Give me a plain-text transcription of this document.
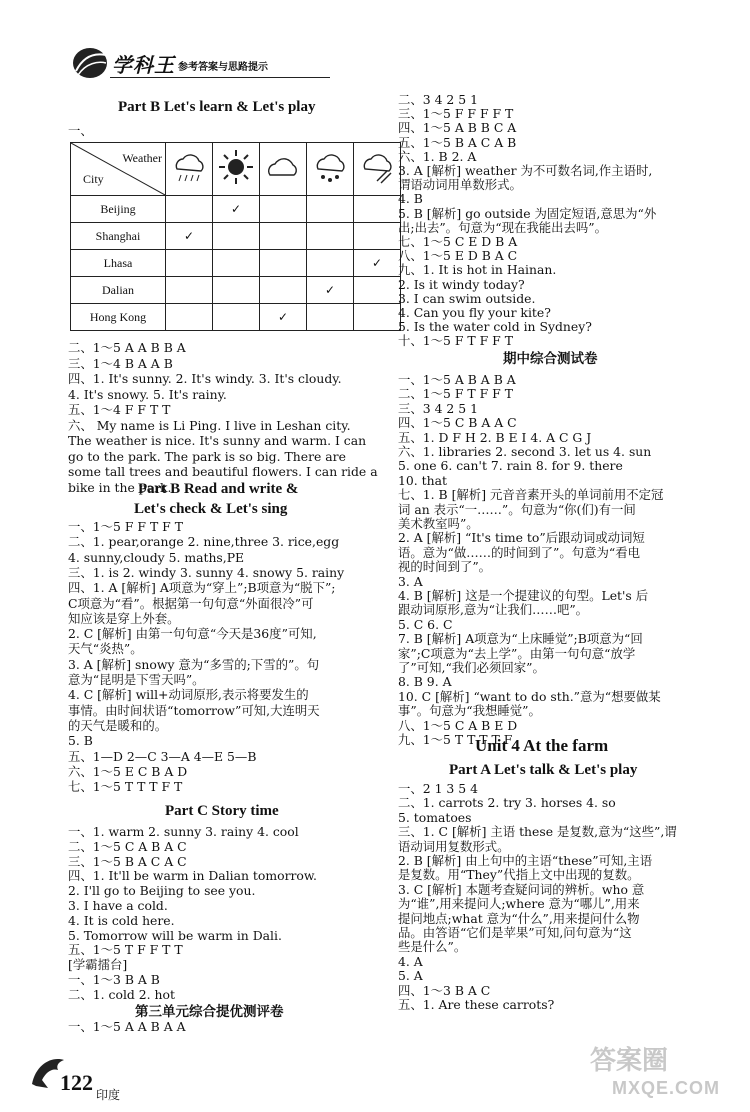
学科王 参考答案与思路提示
Part B Let's learn & Let's play
一、
Weather
City

Beijing		✓			
Shanghai	✓				
Lhasa					✓
Dalian				✓	
Hong Kong			✓		
二、1～5 A A B B A
三、1～4 B A A B
四、1. It's sunny. 2. It's windy. 3. It's cloudy.
4. It's snowy. 5. It's rainy.
五、1～4 F F T T
六、 My name is Li Ping. I live in Leshan city.
The weather is nice. It's sunny and warm. I can
go to the park. The park is so big. There are
some tall trees and beautiful flowers. I can ride a
bike in the park.
Part B Read and write &
Let's check & Let's sing
一、1～5 F F T F T
二、1. pear,orange 2. nine,three 3. rice,egg
4. sunny,cloudy 5. maths,PE
三、1. is 2. windy 3. sunny 4. snowy 5. rainy
四、1. A [解析] A项意为“穿上”;B项意为“脱下”;
C项意为“看”。根据第一句句意“外面很冷”可
知应该是穿上外套。
2. C [解析] 由第一句句意“今天是36度”可知,
天气“炎热”。
3. A [解析] snowy 意为“多雪的;下雪的”。句
意为“昆明是下雪天吗”。
4. C [解析] will+动词原形,表示将要发生的
事情。由时间状语“tomorrow”可知,大连明天
的天气是暖和的。
5. B
五、1—D 2—C 3—A 4—E 5—B
六、1～5 E C B A D
七、1～5 T T T F T
Part C Story time
一、1. warm 2. sunny 3. rainy 4. cool
二、1～5 C A B A C
三、1～5 B A C A C
四、1. It'll be warm in Dalian tomorrow.
2. I'll go to Beijing to see you.
3. I have a cold.
4. It is cold here.
5. Tomorrow will be warm in Dali.
五、1～5 T F F T T
[学霸擂台]
一、1～3 B A B
二、1. cold 2. hot
第三单元综合提优测评卷
一、1～5 A A B A A
二、3 4 2 5 1
三、1～5 F F F F T
四、1～5 A B B C A
五、1～5 B A C A B
六、1. B 2. A
3. A [解析] weather 为不可数名词,作主语时,
谓语动词用单数形式。
4. B
5. B [解析] go outside 为固定短语,意思为“外
出;出去”。句意为“现在我能出去吗”。
七、1～5 C E D B A
八、1～5 E D B A C
九、1. It is hot in Hainan.
2. Is it windy today?
3. I can swim outside.
4. Can you fly your kite?
5. Is the water cold in Sydney?
十、1～5 F T F F T
期中综合测试卷
一、1～5 A B A B A
二、1～5 F T F F T
三、3 4 2 5 1
四、1～5 C B A A C
五、1. D F H 2. B E I 4. A C G J
六、1. libraries 2. second 3. let us 4. sun
5. one 6. can't 7. rain 8. for 9. there
10. that
七、1. B [解析] 元音音素开头的单词前用不定冠
词 an 表示“一……”。句意为“你(们)有一间
美术教室吗”。
2. A [解析] “It's time to”后跟动词或动词短
语。意为“做……的时间到了”。句意为“看电
视的时间到了”。
3. A
4. B [解析] 这是一个提建议的句型。Let's 后
跟动词原形,意为“让我们……吧”。
5. C 6. C
7. B [解析] A项意为“上床睡觉”;B项意为“回
家”;C项意为“去上学”。由第一句句意“放学
了”可知,“我们必须回家”。
8. B 9. A
10. C [解析] “want to do sth.”意为“想要做某
事”。句意为“我想睡觉”。
八、1～5 C A B E D
九、1～5 T T T T F
Unit 4 At the farm
Part A Let's talk & Let's play
一、2 1 3 5 4
二、1. carrots 2. try 3. horses 4. so
5. tomatoes
三、1. C [解析] 主语 these 是复数,意为“这些”,谓
语动词用复数形式。
2. B [解析] 由上句中的主语“these”可知,主语
是复数。用“They”代指上文中出现的复数。
3. C [解析] 本题考查疑问词的辨析。who 意
为“谁”,用来提问人;where 意为“哪儿”,用来
提问地点;what 意为“什么”,用来提问什么物
品。由答语“它们是苹果”可知,问句意为“这
些是什么”。
4. A
5. A
四、1～3 B A C
五、1. Are these carrots?
122 印度
答案圈
MXQE.COM
